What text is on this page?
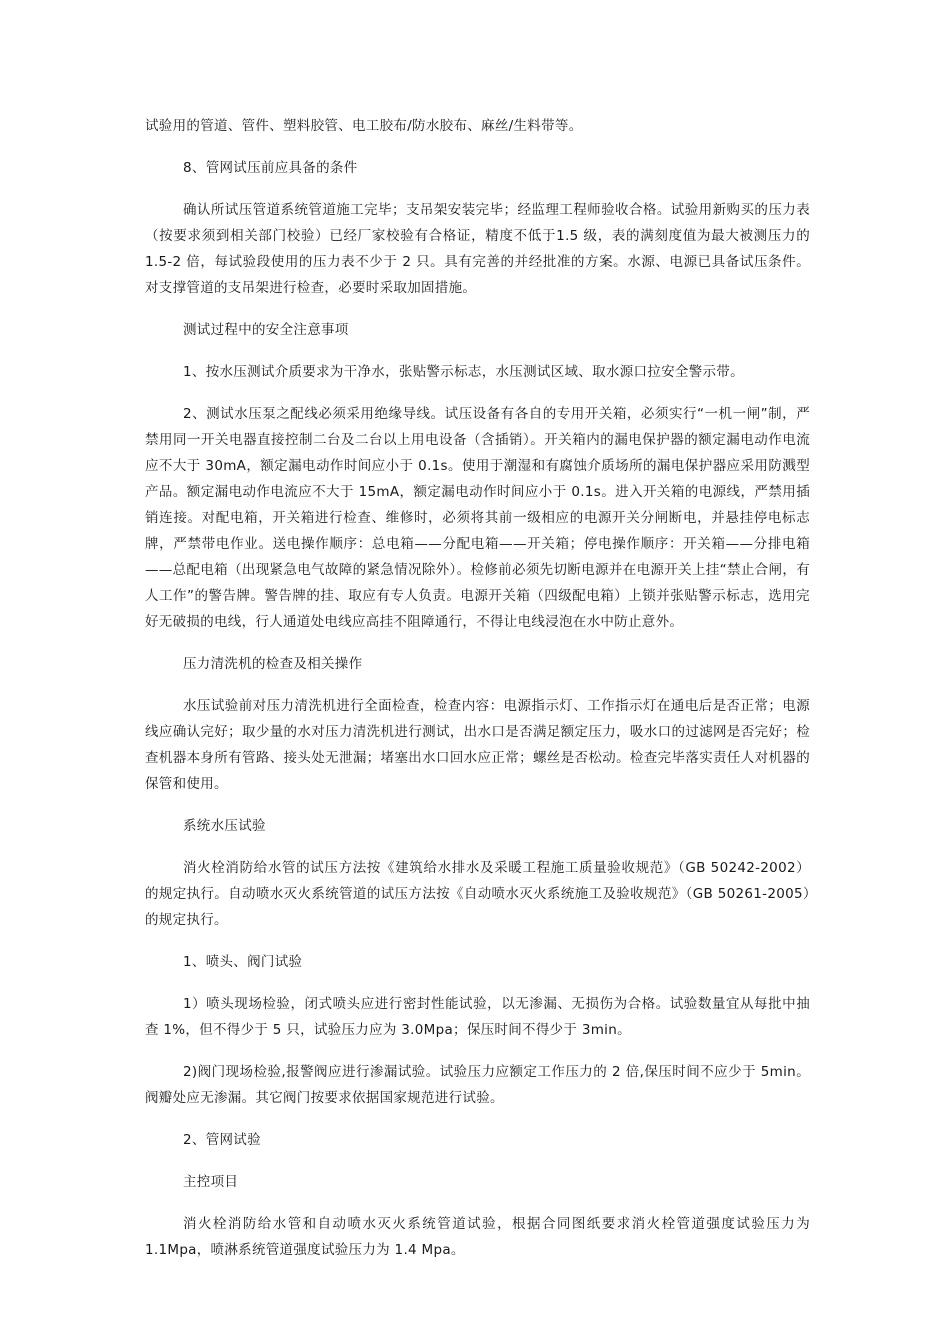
试验用的管道、管件、塑料胶管、电工胶布/防水胶布、麻丝/生料带等。

8、管网试压前应具备的条件

确认所试压管道系统管道施工完毕；支吊架安装完毕；经监理工程师验收合格。试验用新购买的压力表（按要求须到相关部门校验）已经厂家校验有合格证，精度不低于1.5 级，表的满刻度值为最大被测压力的 1.5-2 倍，每试验段使用的压力表不少于 2 只。具有完善的并经批准的方案。水源、电源已具备试压条件。对支撑管道的支吊架进行检查，必要时采取加固措施。

测试过程中的安全注意事项

1、按水压测试介质要求为干净水，张贴警示标志，水压测试区域、取水源口拉安全警示带。

2、测试水压泵之配线必须采用绝缘导线。试压设备有各自的专用开关箱，必须实行“一机一闸”制，严禁用同一开关电器直接控制二台及二台以上用电设备（含插销）。开关箱内的漏电保护器的额定漏电动作电流应不大于 30mA，额定漏电动作时间应小于 0.1s。使用于潮湿和有腐蚀介质场所的漏电保护器应采用防溅型产品。额定漏电动作电流应不大于 15mA，额定漏电动作时间应小于 0.1s。进入开关箱的电源线，严禁用插销连接。对配电箱，开关箱进行检查、维修时，必须将其前一级相应的电源开关分闸断电，并悬挂停电标志牌，严禁带电作业。送电操作顺序：总电箱——分配电箱——开关箱；停电操作顺序：开关箱——分排电箱——总配电箱（出现紧急电气故障的紧急情况除外）。检修前必须先切断电源并在电源开关上挂“禁止合闸，有人工作”的警告牌。警告牌的挂、取应有专人负责。电源开关箱（四级配电箱）上锁并张贴警示标志，选用完好无破损的电线，行人通道处电线应高挂不阻障通行，不得让电线浸泡在水中防止意外。

压力清洗机的检查及相关操作

水压试验前对压力清洗机进行全面检查，检查内容：电源指示灯、工作指示灯在通电后是否正常；电源线应确认完好；取少量的水对压力清洗机进行测试，出水口是否满足额定压力，吸水口的过滤网是否完好；检查机器本身所有管路、接头处无泄漏；堵塞出水口回水应正常；螺丝是否松动。检查完毕落实责任人对机器的保管和使用。

系统水压试验

消火栓消防给水管的试压方法按《建筑给水排水及采暖工程施工质量验收规范》（GB 50242-2002）的规定执行。自动喷水灭火系统管道的试压方法按《自动喷水灭火系统施工及验收规范》（GB 50261-2005）的规定执行。

1、喷头、阀门试验

1）喷头现场检验，闭式喷头应进行密封性能试验，以无渗漏、无损伤为合格。试验数量宜从每批中抽查 1%，但不得少于 5 只，试验压力应为 3.0Mpa；保压时间不得少于 3min。

2)阀门现场检验,报警阀应进行渗漏试验。试验压力应额定工作压力的 2 倍,保压时间不应少于 5min。阀瓣处应无渗漏。其它阀门按要求依据国家规范进行试验。

2、管网试验

主控项目

消火栓消防给水管和自动喷水灭火系统管道试验，根据合同图纸要求消火栓管道强度试验压力为 1.1Mpa，喷淋系统管道强度试验压力为 1.4 Mpa。
